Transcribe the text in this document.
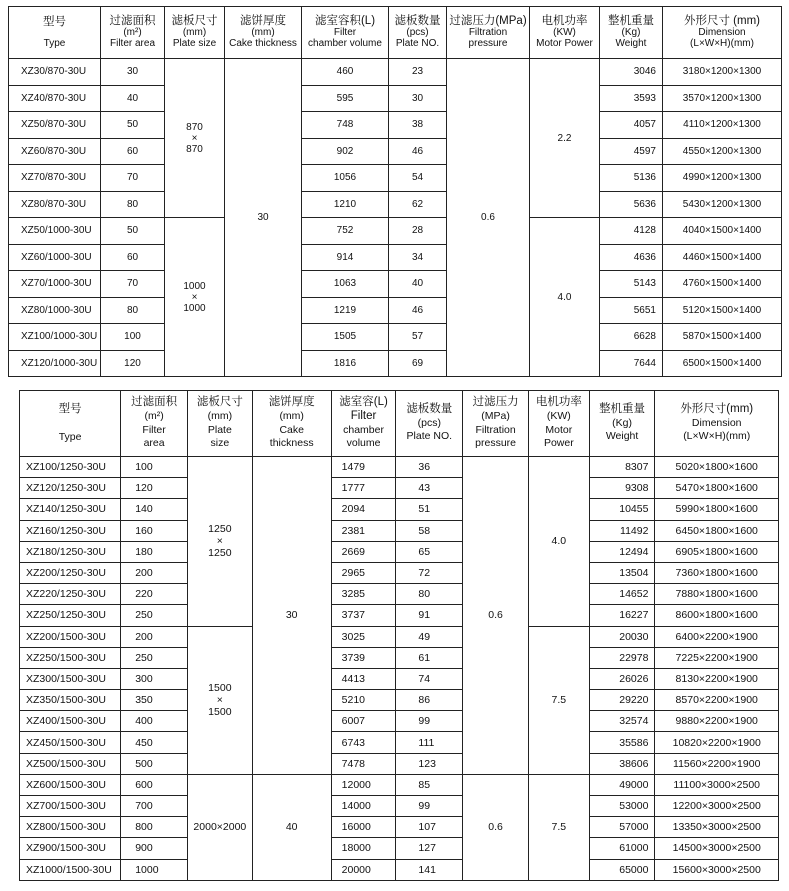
型号
Type	过滤面积
(m²)
Filter area	滤板尺寸
(mm)
Plate size	滤饼厚度
(mm)
Cake thickness	滤室容积(L)
Filter
chamber volume	滤板数量
(pcs)
Plate NO.	过滤压力(MPa)
Filtration
pressure	电机功率
(KW)
Motor Power	整机重量
(Kg)
Weight	外形尺寸 (mm)
Dimension
(L×W×H)(mm)

XZ30/870-30U	30	870
×
870	30	460	23	0.6	2.2	3046	3180×1200×1300
XZ40/870-30U	40			595	30			3593	3570×1200×1300
XZ50/870-30U	50			748	38			4057	4110×1200×1300
XZ60/870-30U	60			902	46			4597	4550×1200×1300
XZ70/870-30U	70			1056	54			5136	4990×1200×1300
XZ80/870-30U	80			1210	62			5636	5430×1200×1300
XZ50/1000-30U	50	1000
×
1000		752	28		4.0	4128	4040×1500×1400
XZ60/1000-30U	60			914	34			4636	4460×1500×1400
XZ70/1000-30U	70			1063	40			5143	4760×1500×1400
XZ80/1000-30U	80			1219	46			5651	5120×1500×1400
XZ100/1000-30U	100			1505	57			6628	5870×1500×1400
XZ120/1000-30U	120			1816	69			7644	6500×1500×1400
型号
Type	过滤面积
(m²)
Filter
area	滤板尺寸
(mm)
Plate
size	滤饼厚度
(mm)
Cake
thickness	滤室容(L)
Filter
chamber
volume	滤板数量
(pcs)
Plate NO.	过滤压力
(MPa)
Filtration
pressure	电机功率
(KW)
Motor
Power	整机重量
(Kg)
Weight	外形尺寸(mm)
Dimension
(L×W×H)(mm)

XZ100/1250-30U	100	1250
×
1250	30	1479	36	0.6	4.0	8307	5020×1800×1600
XZ120/1250-30U	120			1777	43			9308	5470×1800×1600
XZ140/1250-30U	140			2094	51			10455	5990×1800×1600
XZ160/1250-30U	160			2381	58			11492	6450×1800×1600
XZ180/1250-30U	180			2669	65			12494	6905×1800×1600
XZ200/1250-30U	200			2965	72			13504	7360×1800×1600
XZ220/1250-30U	220			3285	80			14652	7880×1800×1600
XZ250/1250-30U	250			3737	91			16227	8600×1800×1600
XZ200/1500-30U	200	1500
×
1500		3025	49		7.5	20030	6400×2200×1900
XZ250/1500-30U	250			3739	61			22978	7225×2200×1900
XZ300/1500-30U	300			4413	74			26026	8130×2200×1900
XZ350/1500-30U	350			5210	86			29220	8570×2200×1900
XZ400/1500-30U	400			6007	99			32574	9880×2200×1900
XZ450/1500-30U	450			6743	111			35586	10820×2200×1900
XZ500/1500-30U	500			7478	123			38606	11560×2200×1900
XZ600/1500-30U	600	2000×2000	40	12000	85	0.6	7.5	49000	11100×3000×2500
XZ700/1500-30U	700			14000	99			53000	12200×3000×2500
XZ800/1500-30U	800			16000	107			57000	13350×3000×2500
XZ900/1500-30U	900			18000	127			61000	14500×3000×2500
XZ1000/1500-30U	1000			20000	141			65000	15600×3000×2500
